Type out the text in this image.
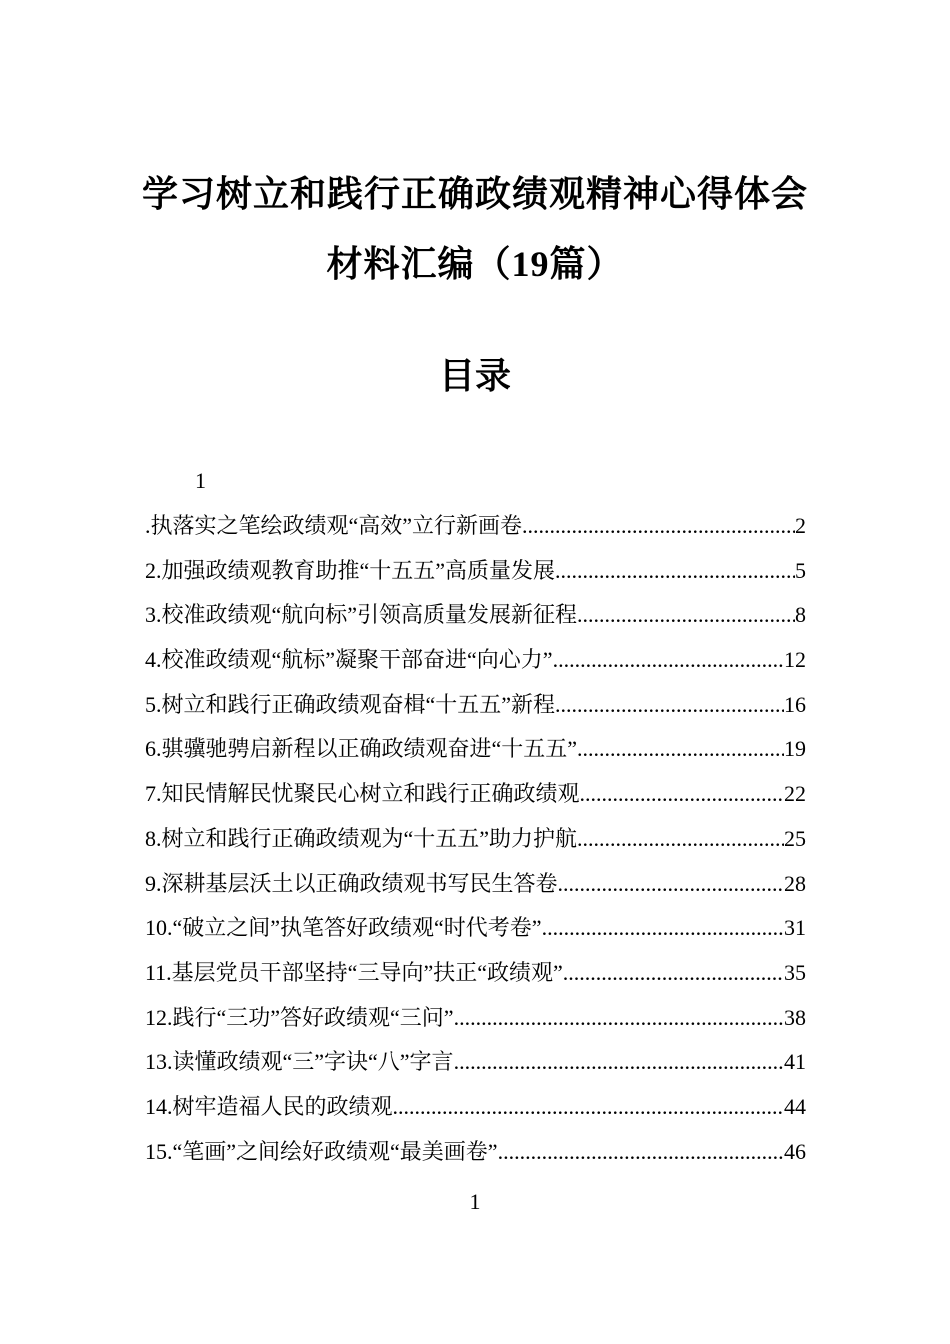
学习树立和践行正确政绩观精神心得体会
材料汇编（19篇）
目录
1
.执落实之笔绘政绩观“高效”立行新画卷 .....	2
2.加强政绩观教育助推“十五五”高质量发展 .....	5
3.校准政绩观“航向标”引领高质量发展新征程 .....	8
4.校准政绩观“航标”凝聚干部奋进“向心力” .....	12
5.树立和践行正确政绩观奋楫“十五五”新程 .....	16
6.骐骥驰骋启新程以正确政绩观奋进“十五五” .....	19
7.知民情解民忧聚民心树立和践行正确政绩观 .....	22
8.树立和践行正确政绩观为“十五五”助力护航 .....	25
9.深耕基层沃土以正确政绩观书写民生答卷 .....	28
10.“破立之间”执笔答好政绩观“时代考卷” .....	31
11.基层党员干部坚持“三导向”扶正“政绩观” .....	35
12.践行“三功”答好政绩观“三问” .....	38
13.读懂政绩观“三”字诀“八”字言 .....	41
14.树牢造福人民的政绩观 .....	44
15.“笔画”之间绘好政绩观“最美画卷” .....	46
1
